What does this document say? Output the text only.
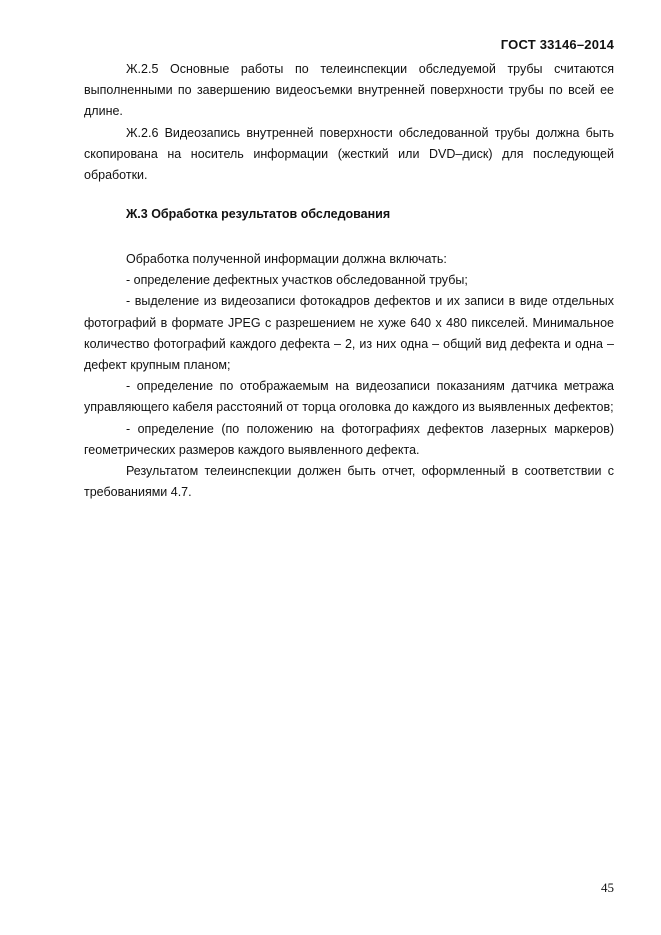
ГОСТ 33146–2014

Ж.2.5 Основные работы по телеинспекции обследуемой трубы считаются выполненными по завершению видеосъемки внутренней поверхности трубы по всей ее длине.

Ж.2.6 Видеозапись внутренней поверхности обследованной трубы должна быть скопирована на носитель информации (жесткий или DVD–диск) для последующей обработки.

Ж.3 Обработка результатов обследования

Обработка полученной информации должна включать:

- определение дефектных участков обследованной трубы;

- выделение из видеозаписи фотокадров дефектов и их записи в виде отдельных фотографий в формате JPEG с разрешением не хуже 640 х 480 пикселей. Минимальное количество фотографий каждого дефекта – 2, из них одна – общий вид дефекта и одна – дефект крупным планом;

- определение по отображаемым на видеозаписи показаниям датчика метража управляющего кабеля расстояний от торца оголовка до каждого из выявленных дефектов;

- определение (по положению на фотографиях дефектов лазерных маркеров) геометрических размеров каждого выявленного дефекта.

Результатом телеинспекции должен быть отчет, оформленный в соответствии с требованиями 4.7.

45
